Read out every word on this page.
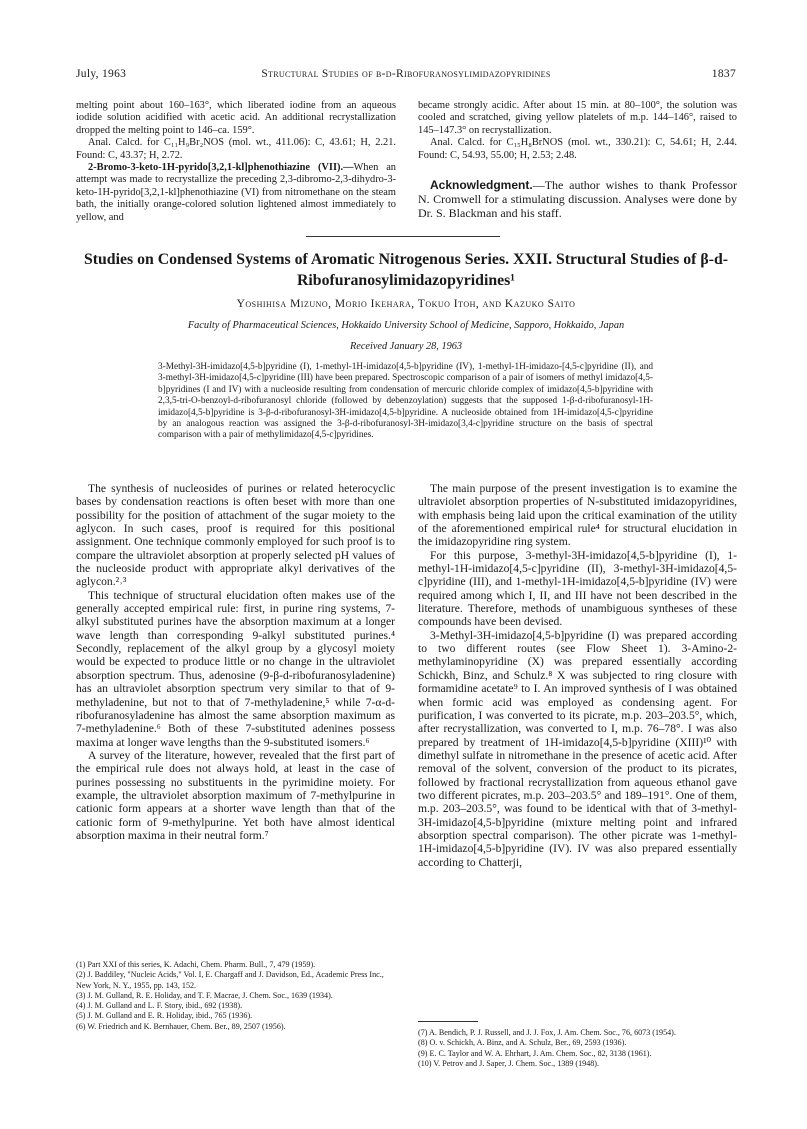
July, 1963	Structural Studies of β-d-Ribofuranosylimidazopyridines	1837

melting point about 160–163°, which liberated iodine from an aqueous iodide solution acidified with acetic acid. An additional recrystallization dropped the melting point to 146–ca. 159°.

Anal. Calcd. for C₁₁H₉Br₂NOS (mol. wt., 411.06): C, 43.61; H, 2.21. Found: C, 43.37; H, 2.72.

2-Bromo-3-keto-1H-pyrido[3,2,1-kl]phenothiazine (VII).—When an attempt was made to recrystallize the preceding 2,3-dibromo-2,3-dihydro-3-keto-1H-pyrido[3,2,1-kl]phenothiazine (VI) from nitromethane on the steam bath, the initially orange-colored solution lightened almost immediately to yellow, and

became strongly acidic. After about 15 min. at 80–100°, the solution was cooled and scratched, giving yellow platelets of m.p. 144–146°, raised to 145–147.3° on recrystallization.

Anal. Calcd. for C₁₅H₈BrNOS (mol. wt., 330.21): C, 54.61; H, 2.44. Found: C, 54.93, 55.00; H, 2.53; 2.48.

Acknowledgment.—The author wishes to thank Professor N. Cromwell for a stimulating discussion. Analyses were done by Dr. S. Blackman and his staff.

Studies on Condensed Systems of Aromatic Nitrogenous Series. XXII. Structural Studies of β-d-Ribofuranosylimidazopyridines¹
Yoshihisa Mizuno, Morio Ikehara, Tokuo Itoh, and Kazuko Saito
Faculty of Pharmaceutical Sciences, Hokkaido University School of Medicine, Sapporo, Hokkaido, Japan
Received January 28, 1963
3-Methyl-3H-imidazo[4,5-b]pyridine (I), 1-methyl-1H-imidazo[4,5-b]pyridine (IV), 1-methyl-1H-imidazo-[4,5-c]pyridine (II), and 3-methyl-3H-imidazo[4,5-c]pyridine (III) have been prepared. Spectroscopic comparison of a pair of isomers of methyl imidazo[4,5-b]pyridines (I and IV) with a nucleoside resulting from condensation of mercuric chloride complex of imidazo[4,5-b]pyridine with 2,3,5-tri-O-benzoyl-d-ribofuranosyl chloride (followed by debenzoylation) suggests that the supposed 1-β-d-ribofuranosyl-1H-imidazo[4,5-b]pyridine is 3-β-d-ribofuranosyl-3H-imidazo[4,5-b]pyridine. A nucleoside obtained from 1H-imidazo[4,5-c]pyridine by an analogous reaction was assigned the 3-β-d-ribofuranosyl-3H-imidazo[3,4-c]pyridine structure on the basis of spectral comparison with a pair of methylimidazo[4,5-c]pyridines.

The synthesis of nucleosides of purines or related heterocyclic bases by condensation reactions is often beset with more than one possibility for the position of attachment of the sugar moiety to the aglycon. In such cases, proof is required for this positional assignment. One technique commonly employed for such proof is to compare the ultraviolet absorption at properly selected pH values of the nucleoside product with appropriate alkyl derivatives of the aglycon.²˒³

This technique of structural elucidation often makes use of the generally accepted empirical rule: first, in purine ring systems, 7-alkyl substituted purines have the absorption maximum at a longer wave length than corresponding 9-alkyl substituted purines.⁴ Secondly, replacement of the alkyl group by a glycosyl moiety would be expected to produce little or no change in the ultraviolet absorption spectrum. Thus, adenosine (9-β-d-ribofuranosyladenine) has an ultraviolet absorption spectrum very similar to that of 9-methyladenine, but not to that of 7-methyladenine,⁵ while 7-α-d-ribofuranosyladenine has almost the same absorption maximum as 7-methyladenine.⁶ Both of these 7-substituted adenines possess maxima at longer wave lengths than the 9-substituted isomers.⁶

A survey of the literature, however, revealed that the first part of the empirical rule does not always hold, at least in the case of purines possessing no substituents in the pyrimidine moiety. For example, the ultraviolet absorption maximum of 7-methylpurine in cationic form appears at a shorter wave length than that of the cationic form of 9-methylpurine. Yet both have almost identical absorption maxima in their neutral form.⁷

The main purpose of the present investigation is to examine the ultraviolet absorption properties of N-substituted imidazopyridines, with emphasis being laid upon the critical examination of the utility of the aforementioned empirical rule⁴ for structural elucidation in the imidazopyridine ring system.

For this purpose, 3-methyl-3H-imidazo[4,5-b]pyridine (I), 1-methyl-1H-imidazo[4,5-c]pyridine (II), 3-methyl-3H-imidazo[4,5-c]pyridine (III), and 1-methyl-1H-imidazo[4,5-b]pyridine (IV) were required among which I, II, and III have not been described in the literature. Therefore, methods of unambiguous syntheses of these compounds have been devised.

3-Methyl-3H-imidazo[4,5-b]pyridine (I) was prepared according to two different routes (see Flow Sheet 1). 3-Amino-2-methylaminopyridine (X) was prepared essentially according Schickh, Binz, and Schulz.⁸ X was subjected to ring closure with formamidine acetate⁹ to I. An improved synthesis of I was obtained when formic acid was employed as condensing agent. For purification, I was converted to its picrate, m.p. 203–203.5°, which, after recrystallization, was converted to I, m.p. 76–78°. I was also prepared by treatment of 1H-imidazo[4,5-b]pyridine (XIII)¹⁰ with dimethyl sulfate in nitromethane in the presence of acetic acid. After removal of the solvent, conversion of the product to its picrates, followed by fractional recrystallization from aqueous ethanol gave two different picrates, m.p. 203–203.5° and 189–191°. One of them, m.p. 203–203.5°, was found to be identical with that of 3-methyl-3H-imidazo[4,5-b]pyridine (mixture melting point and infrared absorption spectral comparison). The other picrate was 1-methyl-1H-imidazo[4,5-b]pyridine (IV). IV was also prepared essentially according to Chatterji,

(1) Part XXI of this series, K. Adachi, Chem. Pharm. Bull., 7, 479 (1959).

(2) J. Baddiley, "Nucleic Acids," Vol. I, E. Chargaff and J. Davidson, Ed., Academic Press Inc., New York, N. Y., 1955, pp. 143, 152.

(3) J. M. Gulland, R. E. Holiday, and T. F. Macrae, J. Chem. Soc., 1639 (1934).

(4) J. M. Gulland and L. F. Story, ibid., 692 (1938).

(5) J. M. Gulland and E. R. Holiday, ibid., 765 (1936).

(6) W. Friedrich and K. Bernhauer, Chem. Ber., 89, 2507 (1956).

(7) A. Bendich, P. J. Russell, and J. J. Fox, J. Am. Chem. Soc., 76, 6073 (1954).

(8) O. v. Schickh, A. Binz, and A. Schulz, Ber., 69, 2593 (1936).

(9) E. C. Taylor and W. A. Ehrhart, J. Am. Chem. Soc., 82, 3138 (1961).

(10) V. Petrov and J. Saper, J. Chem. Soc., 1389 (1948).
